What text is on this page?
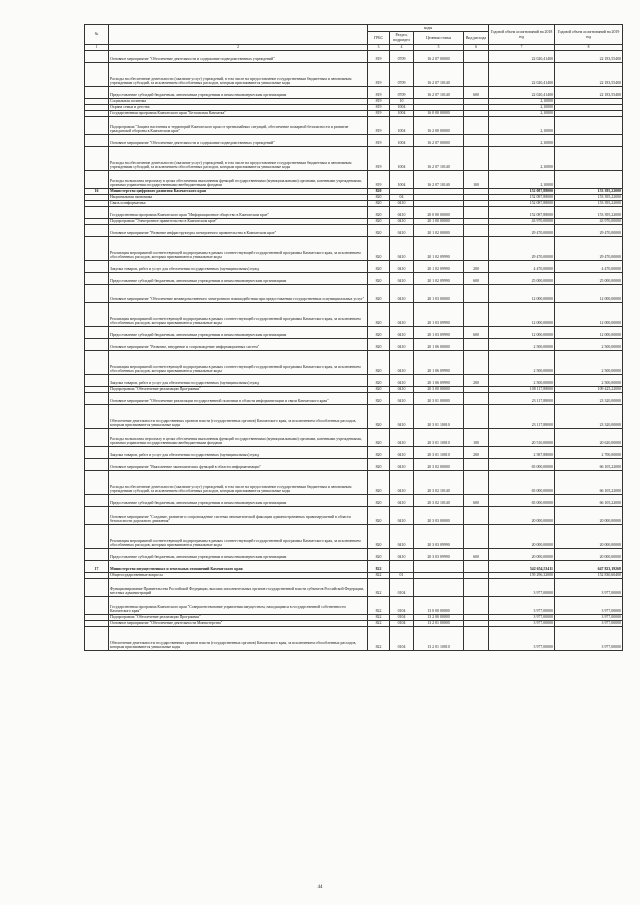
№		коды				Годовой объем ассигнований на 2018 год	Годовой объем ассигнований на 2019 год
		ГРБС	Раздел, подраздел	Целевая статья	Вид расхода		
1	2	3	4	5	6	7	8
	Основное мероприятие "Обеспечение деятельности и содержание подведомственных учреждений"	819	0709	16 2 07 00000		22 020,41400	22 183,55400
	Расходы на обеспечение деятельности (оказание услуг) учреждений, в том числе на предоставление государственным бюджетным и автономным учреждениям субсидий, за исключением обособленных расходов, которым присваиваются уникальные коды	819	0709	16 2 07 10140		22 020,41400	22 183,55400
	Предоставление субсидий бюджетным, автономным учреждениям и иным некоммерческим организациям	819	0709	16 2 07 10140	600	22 020,41400	22 183,55400
	Социальная политика	819	10			2,10000	
	Охрана семьи и детства	819	1004			2,10000	
	Государственная программа Камчатского края "Безопасная Камчатка"	819	1004	16 0 00 00000		2,10000	
	Подпрограмма "Защита населения и территорий Камчатского края от чрезвычайных ситуаций, обеспечение пожарной безопасности и развитие гражданской обороны в Камчатском крае"	819	1004	16 2 00 00000		2,10000	
	Основное мероприятие "Обеспечение деятельности и содержание подведомственных учреждений"	819	1004	16 2 07 00000		2,10000	
	Расходы на обеспечение деятельности (оказание услуг) учреждений, в том числе на предоставление государственным бюджетным и автономным учреждениям субсидий, за исключением обособленных расходов, которым присваиваются уникальные коды	819	1004	16 2 07 10140		2,10000	
	Расходы на выплаты персоналу в целях обеспечения выполнения функций государственными (муниципальными) органами, казенными учреждениями, органами управления государственными внебюджетными фондами	819	1004	16 2 07 10140	100	2,10000	
16	Министерство цифрового развития Камчатского края	820				152 087,88000	153 395,22000
	Национальная экономика	820	04			152 087,88000	153 395,22000
	Связь и информатика	820	0410			152 087,88000	153 395,22000
	Государственная программа Камчатского края "Информационное общество в Камчатском крае"	820	0410	20 0 00 00000		152 087,88000	153 395,22000
	Подпрограмма "Электронное правительство в Камчатском крае"	820	0410	20 1 00 00000		43 970,00000	43 970,00000
	Основное мероприятие "Развитие инфраструктуры электронного правительства в Камчатском крае"	820	0410	20 1 02 00000		29 470,00000	29 470,00000
	Реализация мероприятий соответствующей подпрограммы в рамках соответствующей государственной программы Камчатского края, за исключением обособленных расходов, которым присваиваются уникальные коды	820	0410	20 1 02 09990		29 470,00000	29 470,00000
	Закупка товаров, работ и услуг для обеспечения государственных (муниципальных) нужд	820	0410	20 1 02 09990	200	4 470,00000	4 470,00000
	Предоставление субсидий бюджетным, автономным учреждениям и иным некоммерческим организациям	820	0410	20 1 02 09990	600	25 000,00000	25 000,00000
	Основное мероприятие "Обеспечение межведомственного электронного взаимодействия при предоставлении государственных и муниципальных услуг"	820	0410	20 1 03 00000		12 000,00000	12 000,00000
	Реализация мероприятий соответствующей подпрограммы в рамках соответствующей государственной программы Камчатского края, за исключением обособленных расходов, которым присваиваются уникальные коды	820	0410	20 1 03 09990		12 000,00000	12 000,00000
	Предоставление субсидий бюджетным, автономным учреждениям и иным некоммерческим организациям	820	0410	20 1 03 09990	600	12 000,00000	12 000,00000
	Основное мероприятие "Развитие, внедрение и сопровождение информационных систем"	820	0410	20 1 06 00000		2 500,00000	2 500,00000
	Реализация мероприятий соответствующей подпрограммы в рамках соответствующей государственной программы Камчатского края, за исключением обособленных расходов, которым присваиваются уникальные коды	820	0410	20 1 06 09990		2 500,00000	2 500,00000
	Закупка товаров, работ и услуг для обеспечения государственных (муниципальных) нужд	820	0410	20 1 06 09990	200	2 500,00000	2 500,00000
	Подпрограмма "Обеспечение реализации Программы"	820	0410	20 3 00 00000		108 117,88000	109 425,22000
	Основное мероприятие "Обеспечение реализации государственной политики в области информатизации и связи Камчатского края"	820	0410	20 3 01 00000		23 117,88000	23 320,00000
	Обеспечение деятельности государственных органов власти (государственных органов) Камчатского края, за исключением обособленных расходов, которым присваиваются уникальные коды	820	0410	20 3 01 10010		23 117,88000	23 320,00000
	Расходы на выплаты персоналу в целях обеспечения выполнения функций государственными (муниципальными) органами, казенными учреждениями, органами управления государственными внебюджетными фондами	820	0410	20 3 01 10010	100	20 510,00000	20 620,00000
	Закупка товаров, работ и услуг для обеспечения государственных (муниципальных) нужд	820	0410	20 3 01 10010	200	2 587,88000	2 700,00000
	Основное мероприятие "Выполнение экономических функций в области информатизации"	820	0410	20 3 02 00000		65 000,00000	66 105,22000
	Расходы на обеспечение деятельности (оказание услуг) учреждений, в том числе на предоставление государственным бюджетным и автономным учреждениям субсидий, за исключением обособленных расходов, которым присваиваются уникальные коды	820	0410	20 3 02 10140		65 000,00000	66 105,22000
	Предоставление субсидий бюджетным, автономным учреждениям и иным некоммерческим организациям	820	0410	20 3 02 10140	600	65 000,00000	66 105,22000
	Основное мероприятие "Создание, развитие и сопровождение системы автоматической фиксации административных правонарушений в области безопасности дорожного движения"	820	0410	20 3 03 00000		20 000,00000	20 000,00000
	Реализация мероприятий соответствующей подпрограммы в рамках соответствующей государственной программы Камчатского края, за исключением обособленных расходов, которым присваиваются уникальные коды	820	0410	20 3 03 09990		20 000,00000	20 000,00000
	Предоставление субсидий бюджетным, автономным учреждениям и иным некоммерческим организациям	820	0410	20 3 03 09990	600	20 000,00000	20 000,00000
17	Министерство имущественных и земельных отношений Камчатского края	822				542 654,53411	647 823,19268
	Общегосударственные вопросы	822	01			159 296,32000	152 830,60400
	Функционирование Правительства Российской Федерации, высших исполнительных органов государственной власти субъектов Российской Федерации, местных администраций	822	0104			3 977,00000	3 977,00000
	Государственная программа Камчатского края "Совершенствование управления имуществом, находящимся в государственной собственности Камчатского края"	822	0104	13 0 00 00000		3 977,00000	3 977,00000
	Подпрограмма "Обеспечение реализации Программы"	822	0104	13 2 00 00000		3 977,00000	3 977,00000
	Основное мероприятие "Обеспечение деятельности Министерства"	822	0104	13 2 01 00000		3 977,00000	3 977,00000
	Обеспечение деятельности государственных органов власти (государственных органов) Камчатского края, за исключением обособленных расходов, которым присваиваются уникальные коды	822	0104	13 2 01 10010		3 977,00000	3 977,00000
44
